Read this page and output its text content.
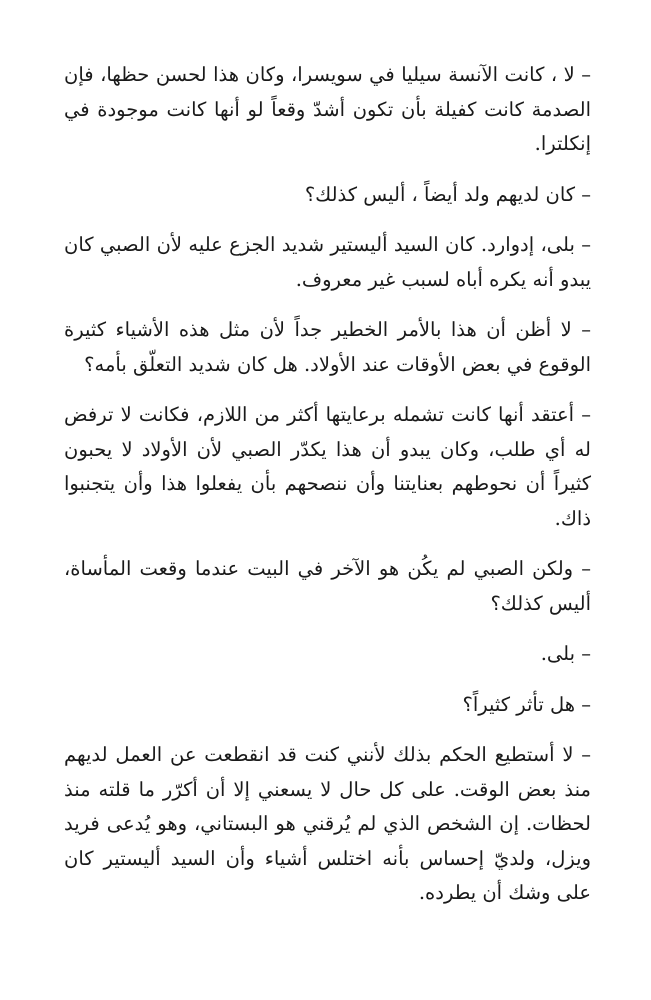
– لا ، كانت الآنسة سيليا في سويسرا، وكان هذا لحسن حظها، فإن الصدمة كانت كفيلة بأن تكون أشدّ وقعاً لو أنها كانت موجودة في إنكلترا.

– كان لديهم ولد أيضاً ، أليس كذلك؟

– بلى، إدوارد. كان السيد أليستير شديد الجزع عليه لأن الصبي كان يبدو أنه يكره أباه لسبب غير معروف.

– لا أظن أن هذا بالأمر الخطير جداً لأن مثل هذه الأشياء كثيرة الوقوع في بعض الأوقات عند الأولاد. هل كان شديد التعلّق بأمه؟

– أعتقد أنها كانت تشمله برعايتها أكثر من اللازم، فكانت لا ترفض له أي طلب، وكان يبدو أن هذا يكدّر الصبي لأن الأولاد لا يحبون كثيراً أن نحوطهم بعنايتنا وأن ننصحهم بأن يفعلوا هذا وأن يتجنبوا ذاك.

– ولكن الصبي لم يكُن هو الآخر في البيت عندما وقعت المأساة، أليس كذلك؟

– بلى.

– هل تأثر كثيراً؟

– لا أستطيع الحكم بذلك لأنني كنت قد انقطعت عن العمل لديهم منذ بعض الوقت. على كل حال لا يسعني إلا أن أكرّر ما قلته منذ لحظات. إن الشخص الذي لم يُرقني هو البستاني، وهو يُدعى فريد ويزل، ولديّ إحساس بأنه اختلس أشياء وأن السيد أليستير كان على وشك أن يطرده.
